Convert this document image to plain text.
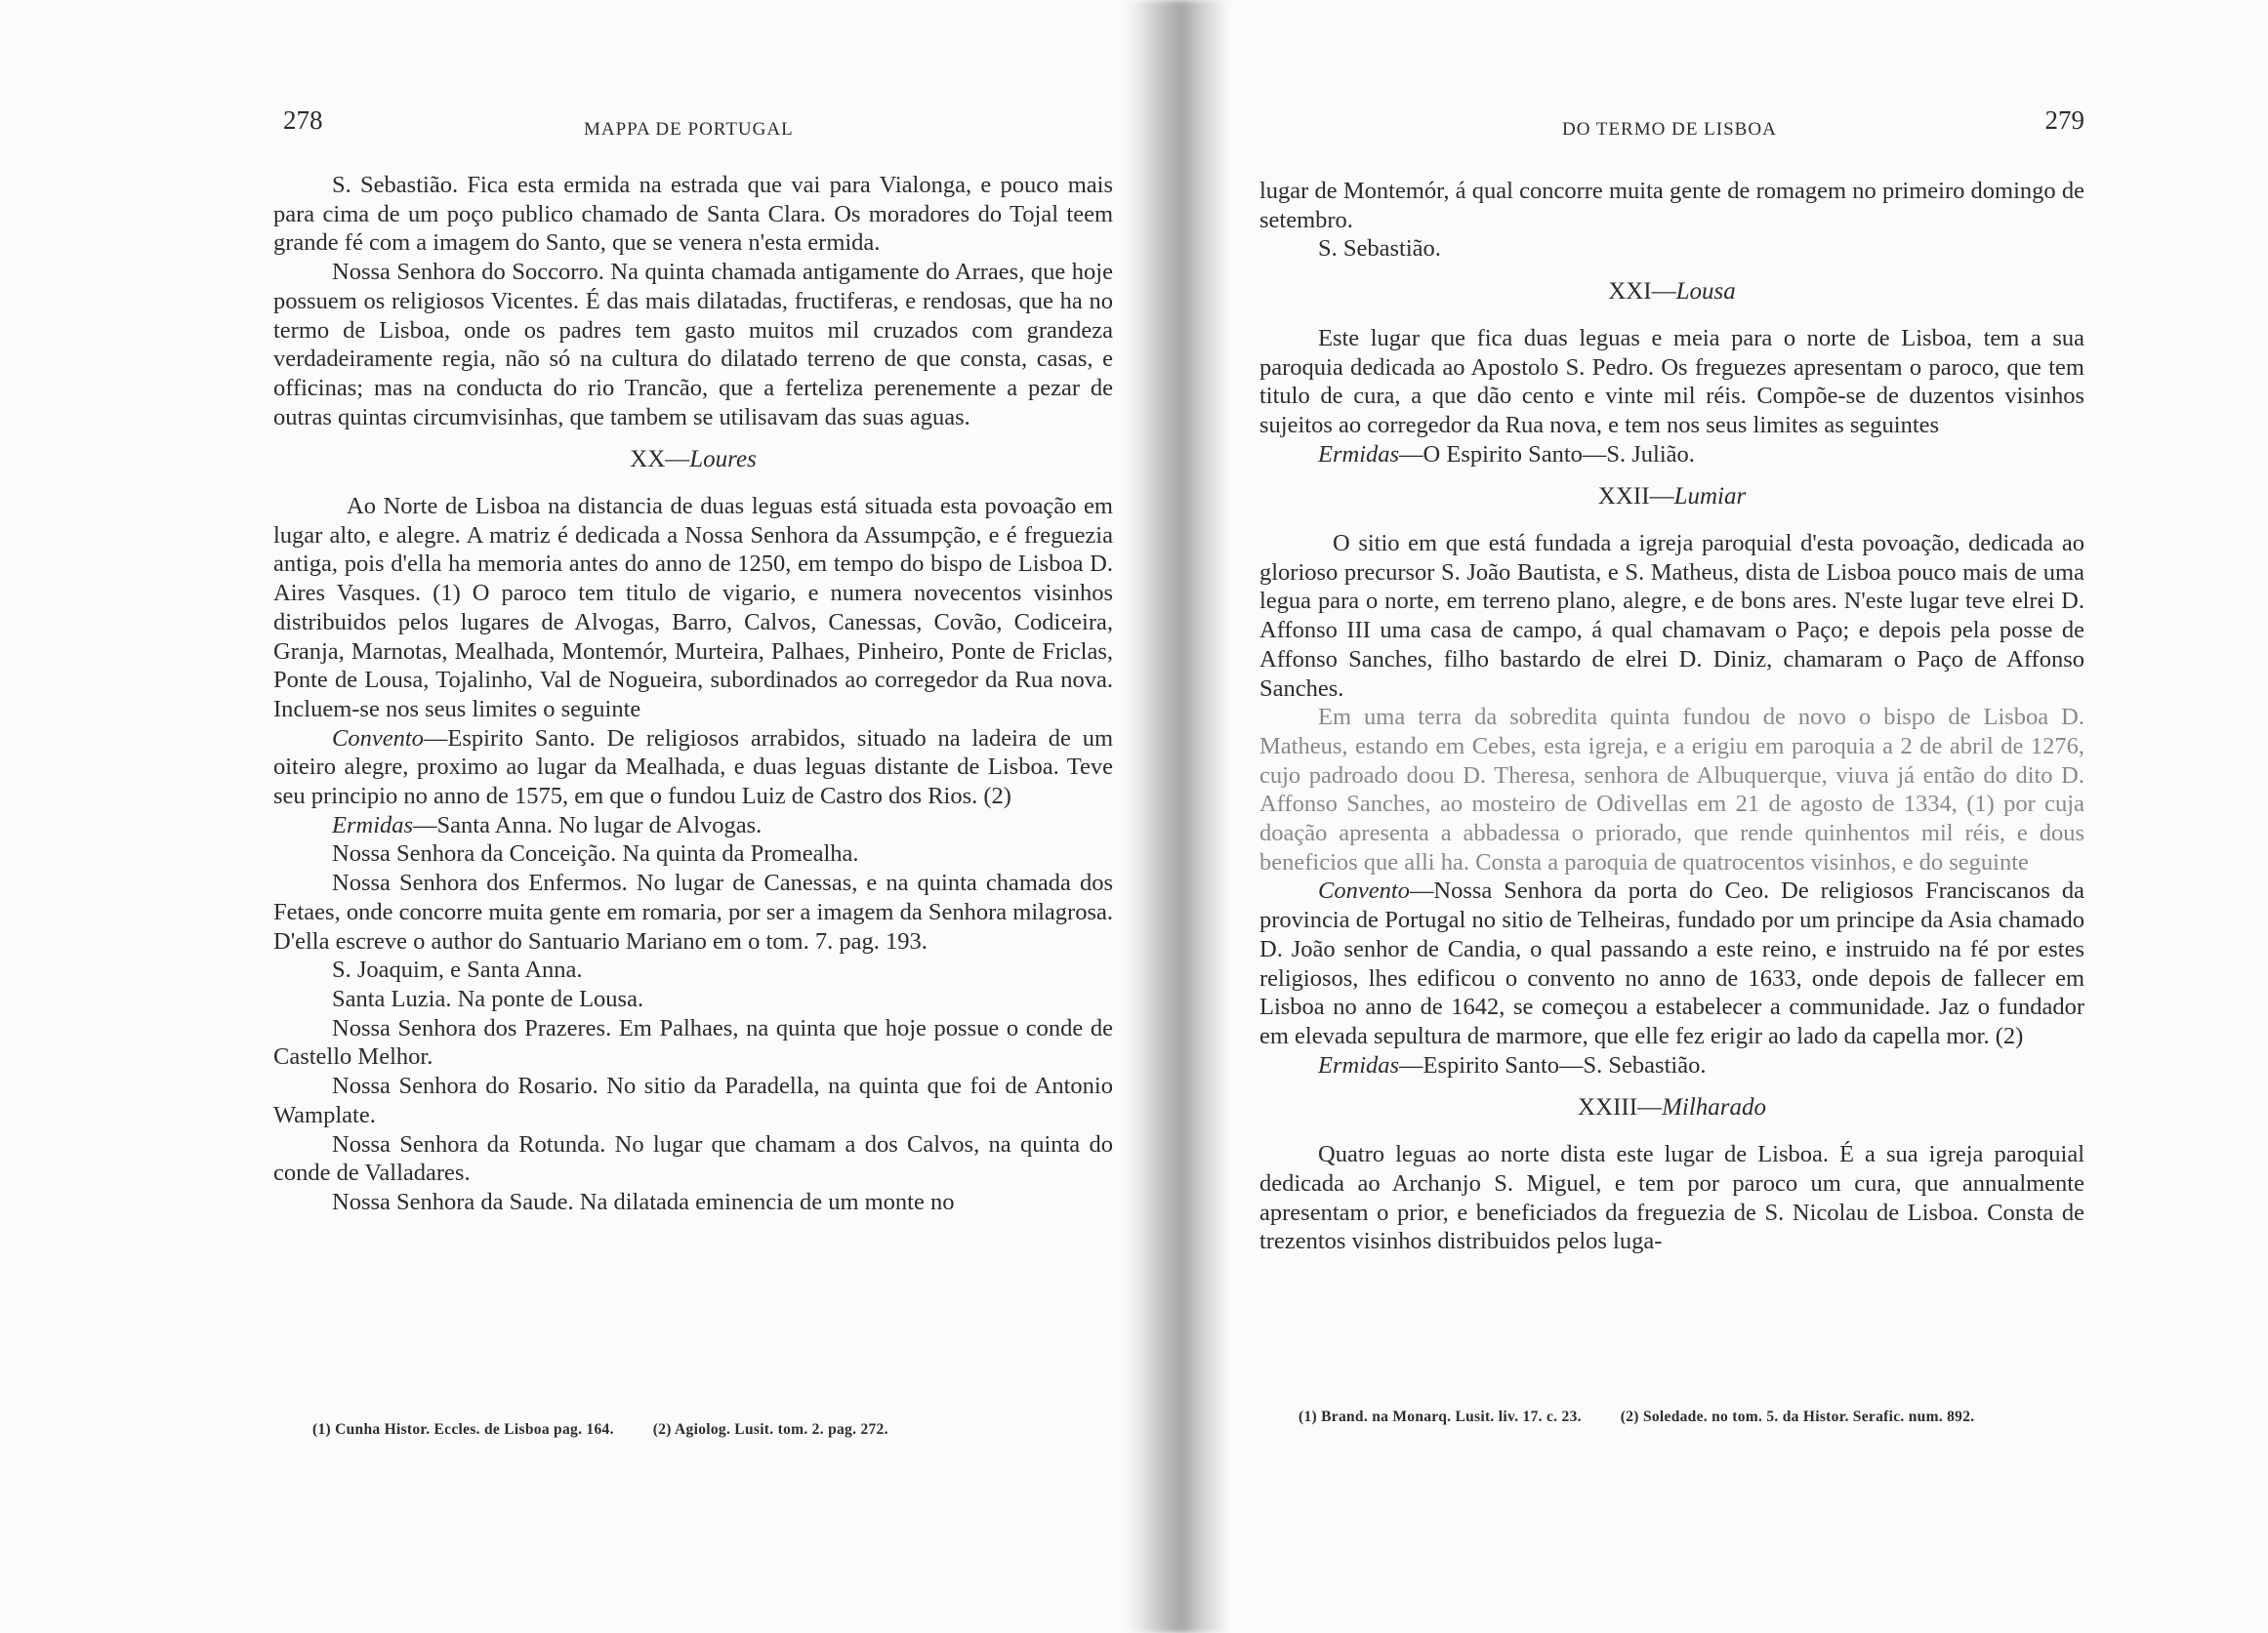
278	MAPPA DE PORTUGAL

S. Sebastião. Fica esta ermida na estrada que vai para Vialonga, e pouco mais para cima de um poço publico chamado de Santa Clara. Os moradores do Tojal teem grande fé com a imagem do Santo, que se venera n'esta ermida.

Nossa Senhora do Soccorro. Na quinta chamada antigamente do Arraes, que hoje possuem os religiosos Vicentes. É das mais dilatadas, fructiferas, e rendosas, que ha no termo de Lisboa, onde os padres tem gasto muitos mil cruzados com grandeza verdadeiramente regia, não só na cultura do dilatado terreno de que consta, casas, e officinas; mas na conducta do rio Trancão, que a ferteliza perenemente a pezar de outras quintas circumvisinhas, que tambem se utilisavam das suas aguas.

XX—Loures

Ao Norte de Lisboa na distancia de duas leguas está situada esta povoação em lugar alto, e alegre. A matriz é dedicada a Nossa Senhora da Assumpção, e é freguezia antiga, pois d'ella ha memoria antes do anno de 1250, em tempo do bispo de Lisboa D. Aires Vasques. (1) O paroco tem titulo de vigario, e numera novecentos visinhos distribuidos pelos lugares de Alvogas, Barro, Calvos, Canessas, Covão, Codiceira, Granja, Marnotas, Mealhada, Montemór, Murteira, Palhaes, Pinheiro, Ponte de Friclas, Ponte de Lousa, Tojalinho, Val de Nogueira, subordinados ao corregedor da Rua nova. Incluem-se nos seus limites o seguinte

Convento—Espirito Santo. De religiosos arrabidos, situado na ladeira de um oiteiro alegre, proximo ao lugar da Mealhada, e duas leguas distante de Lisboa. Teve seu principio no anno de 1575, em que o fundou Luiz de Castro dos Rios. (2)

Ermidas—Santa Anna. No lugar de Alvogas.

Nossa Senhora da Conceição. Na quinta da Promealha.

Nossa Senhora dos Enfermos. No lugar de Canessas, e na quinta chamada dos Fetaes, onde concorre muita gente em romaria, por ser a imagem da Senhora milagrosa. D'ella escreve o author do Santuario Mariano em o tom. 7. pag. 193.

S. Joaquim, e Santa Anna.

Santa Luzia. Na ponte de Lousa.

Nossa Senhora dos Prazeres. Em Palhaes, na quinta que hoje possue o conde de Castello Melhor.

Nossa Senhora do Rosario. No sitio da Paradella, na quinta que foi de Antonio Wamplate.

Nossa Senhora da Rotunda. No lugar que chamam a dos Calvos, na quinta do conde de Valladares.

Nossa Senhora da Saude. Na dilatada eminencia de um monte no

(1) Cunha Histor. Eccles. de Lisboa pag. 164.	(2) Agiolog. Lusit. tom. 2. pag. 272.
DO TERMO DE LISBOA	279

lugar de Montemór, á qual concorre muita gente de romagem no primeiro domingo de setembro.

S. Sebastião.

XXI—Lousa

Este lugar que fica duas leguas e meia para o norte de Lisboa, tem a sua paroquia dedicada ao Apostolo S. Pedro. Os freguezes apresentam o paroco, que tem titulo de cura, a que dão cento e vinte mil réis. Compõe-se de duzentos visinhos sujeitos ao corregedor da Rua nova, e tem nos seus limites as seguintes

Ermidas—O Espirito Santo—S. Julião.

XXII—Lumiar

O sitio em que está fundada a igreja paroquial d'esta povoação, dedicada ao glorioso precursor S. João Bautista, e S. Matheus, dista de Lisboa pouco mais de uma legua para o norte, em terreno plano, alegre, e de bons ares. N'este lugar teve elrei D. Affonso III uma casa de campo, á qual chamavam o Paço; e depois pela posse de Affonso Sanches, filho bastardo de elrei D. Diniz, chamaram o Paço de Affonso Sanches.

Em uma terra da sobredita quinta fundou de novo o bispo de Lisboa D. Matheus, estando em Cebes, esta igreja, e a erigiu em paroquia a 2 de abril de 1276, cujo padroado doou D. Theresa, senhora de Albuquerque, viuva já então do dito D. Affonso Sanches, ao mosteiro de Odivellas em 21 de agosto de 1334, (1) por cuja doação apresenta a abbadessa o priorado, que rende quinhentos mil réis, e dous beneficios que alli ha. Consta a paroquia de quatrocentos visinhos, e do seguinte

Convento—Nossa Senhora da porta do Ceo. De religiosos Franciscanos da provincia de Portugal no sitio de Telheiras, fundado por um principe da Asia chamado D. João senhor de Candia, o qual passando a este reino, e instruido na fé por estes religiosos, lhes edificou o convento no anno de 1633, onde depois de fallecer em Lisboa no anno de 1642, se começou a estabelecer a communidade. Jaz o fundador em elevada sepultura de marmore, que elle fez erigir ao lado da capella mor. (2)

Ermidas—Espirito Santo—S. Sebastião.

XXIII—Milharado

Quatro leguas ao norte dista este lugar de Lisboa. É a sua igreja paroquial dedicada ao Archanjo S. Miguel, e tem por paroco um cura, que annualmente apresentam o prior, e beneficiados da freguezia de S. Nicolau de Lisboa. Consta de trezentos visinhos distribuidos pelos luga-

(1) Brand. na Monarq. Lusit. liv. 17. c. 23.	(2) Soledade. no tom. 5. da Histor. Serafic. num. 892.
